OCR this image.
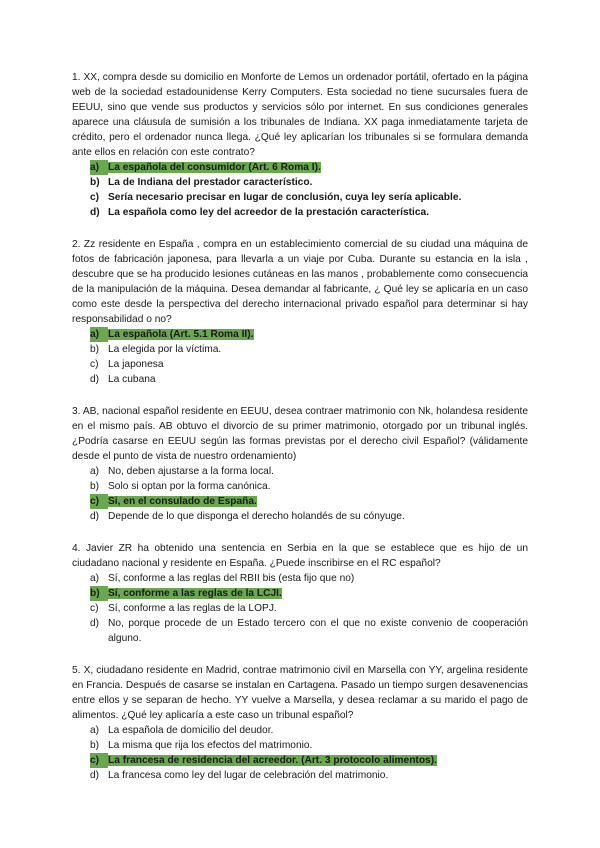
1. XX, compra desde su domicilio en Monforte de Lemos un ordenador portátil, ofertado en la página web de la sociedad estadounidense Kerry Computers. Esta sociedad no tiene sucursales fuera de EEUU, sino que vende sus productos y servicios sólo por internet. En sus condiciones generales aparece una cláusula de sumisión a los tribunales de Indiana. XX paga inmediatamente tarjeta de crédito, pero el ordenador nunca llega. ¿Qué ley aplicarían los tribunales si se formulara demanda ante ellos en relación con este contrato?

a) La española del consumidor (Art. 6 Roma I).
b) La de Indiana del prestador característico.
c) Sería necesario precisar en lugar de conclusión, cuya ley sería aplicable.
d) La española como ley del acreedor de la prestación característica.

2. Zz residente en España , compra en un establecimiento comercial de su ciudad una máquina de fotos de fabricación japonesa, para llevarla a un viaje por Cuba. Durante su estancia en la isla , descubre que se ha producido lesiones cutáneas en las manos , probablemente como consecuencia de la manipulación de la máquina. Desea demandar al fabricante, ¿ Qué ley se aplicaría en un caso como este desde la perspectiva del derecho internacional privado español para determinar si hay responsabilidad o no?

a) La española (Art. 5.1 Roma II).
b) La elegida por la víctima.
c) La japonesa
d) La cubana

3. AB, nacional español residente en EEUU, desea contraer matrimonio con Nk, holandesa residente en el mismo país. AB obtuvo el divorcio de su primer matrimonio, otorgado por un tribunal inglés. ¿Podría casarse en EEUU según las formas previstas por el derecho civil Español? (válidamente desde el punto de vista de nuestro ordenamiento)

a) No, deben ajustarse a la forma local.
b) Solo si optan por la forma canónica.
c) Si, en el consulado de España.
d) Depende de lo que disponga el derecho holandés de su cónyuge.

4. Javier ZR ha obtenido una sentencia en Serbia en la que se establece que es hijo de un ciudadano nacional y residente en España. ¿Puede inscribirse en el RC español?

a) Sí, conforme a las reglas del RBII bis (esta fijo que no)
b) Sí, conforme a las reglas de la LCJI.
c) Sí, conforme a las reglas de la LOPJ.
d) No, porque procede de un Estado tercero con el que no existe convenio de cooperación alguno.

5. X, ciudadano residente en Madrid, contrae matrimonio civil en Marsella con YY, argelina residente en Francia. Después de casarse se instalan en Cartagena. Pasado un tiempo surgen desavenencias entre ellos y se separan de hecho. YY vuelve a Marsella, y desea reclamar a su marido el pago de alimentos. ¿Qué ley aplicaría a este caso un tribunal español?

a) La española de domicilio del deudor.
b) La misma que rija los efectos del matrimonio.
c) La francesa de residencia del acreedor. (Art. 3 protocolo alimentos).
d) La francesa como ley del lugar de celebración del matrimonio.
